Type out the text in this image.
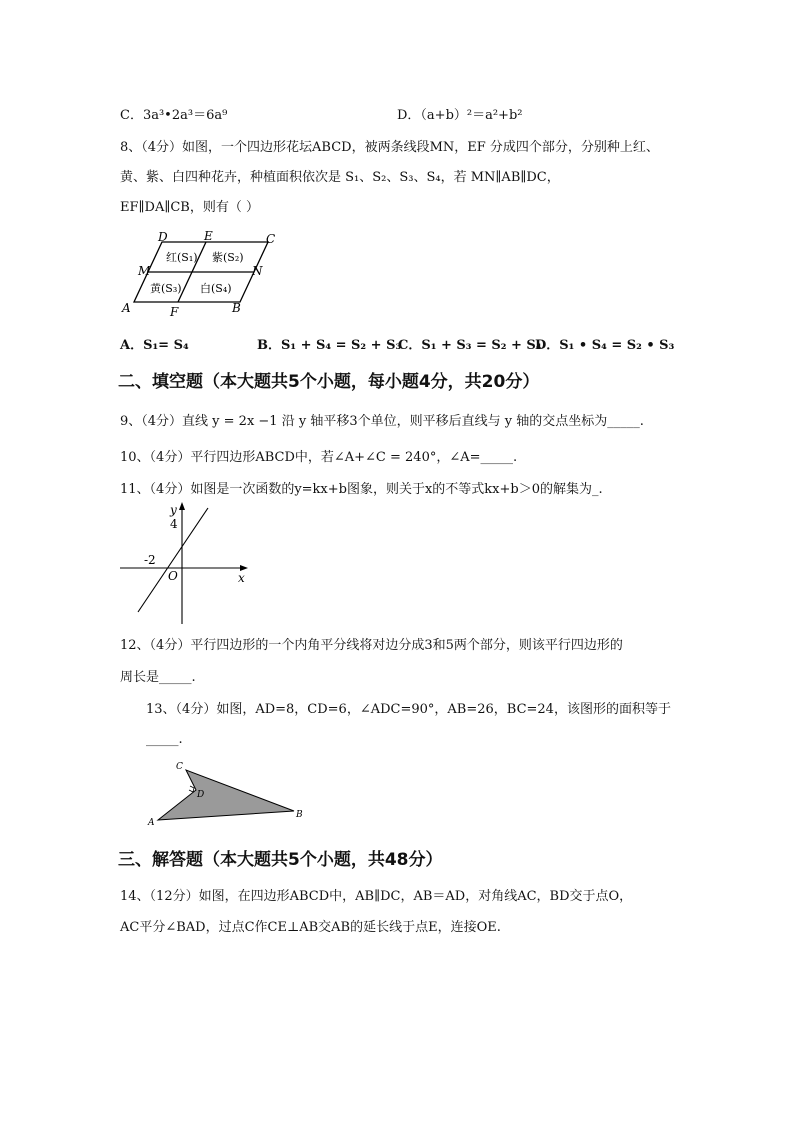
C．3a³•2a³＝6a⁹	D．（a+b）²＝a²+b²
8、（4分）如图，一个四边形花坛ABCD，被两条线段MN，EF 分成四个部分，分别种上红、
黄、紫、白四种花卉，种植面积依次是 S₁、S₂、S₃、S₄，若 MN∥AB∥DC，
EF∥DA∥CB，则有（ ）
D	E	C
M	N
A	F	B
红(S₁) 紫(S₂)
黄(S₃) 白(S₄)
A．S₁= S₄	B．S₁ + S₄ = S₂ + S₃
C．S₁ + S₃ = S₂ + S₄
D．S₁ • S₄ = S₂ • S₃
二、填空题（本大题共5个小题，每小题4分，共20分）
9、（4分）直线 y = 2x −1 沿 y 轴平移3个单位，则平移后直线与 y 轴的交点坐标为_____.
10、（4分）平行四边形ABCD中，若∠A+∠C = 240°，∠A=_____.
11、（4分）如图是一次函数的y=kx+b图象，则关于x的不等式kx+b＞0的解集为_.
y
x
O
4
-2
12、（4分）平行四边形的一个内角平分线将对边分成3和5两个部分，则该平行四边形的
周长是_____.
13、（4分）如图，AD=8，CD=6，∠ADC=90°，AB=26，BC=24，该图形的面积等于
_____.
C
D
A
B
三、解答题（本大题共5个小题，共48分）
14、（12分）如图，在四边形ABCD中，AB∥DC，AB＝AD，对角线AC，BD交于点O，
AC平分∠BAD，过点C作CE⊥AB交AB的延长线于点E，连接OE.
